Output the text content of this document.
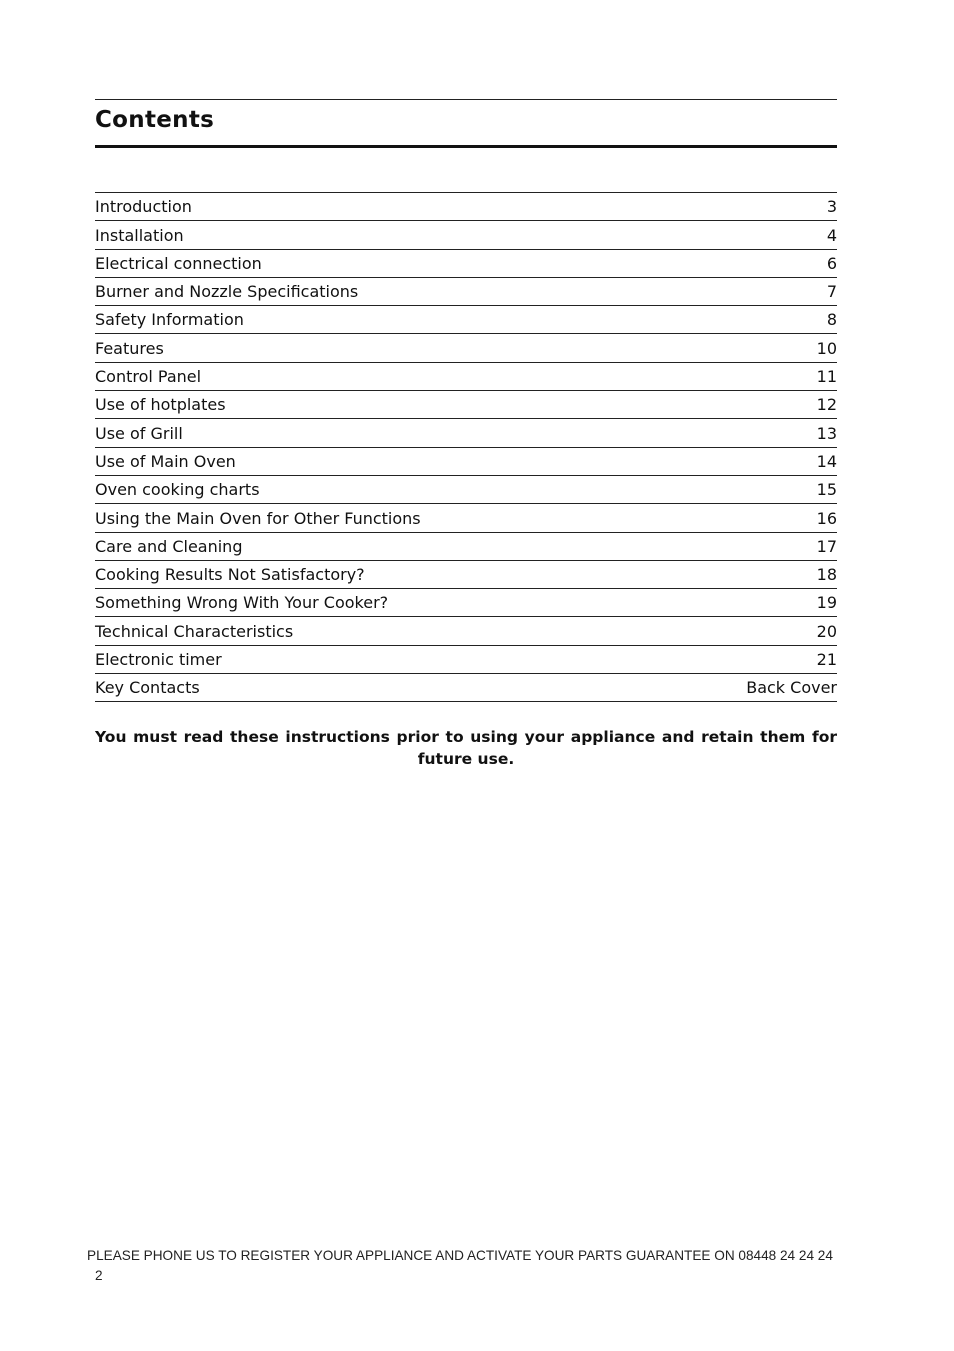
Contents
Introduction	3
Installation	4
Electrical connection	6
Burner and Nozzle Specifications	7
Safety Information	8
Features	10
Control Panel	11
Use of hotplates	12
Use of Grill	13
Use of Main Oven	14
Oven cooking charts	15
Using the Main Oven for Other Functions	16
Care and Cleaning	17
Cooking Results Not Satisfactory?	18
Something Wrong With Your Cooker?	19
Technical Characteristics	20
Electronic timer	21
Key Contacts	Back Cover

You must read these instructions prior to using your appliance and retain them for future use.

PLEASE PHONE US TO REGISTER YOUR APPLIANCE AND ACTIVATE YOUR PARTS GUARANTEE ON 08448 24 24 24
2
